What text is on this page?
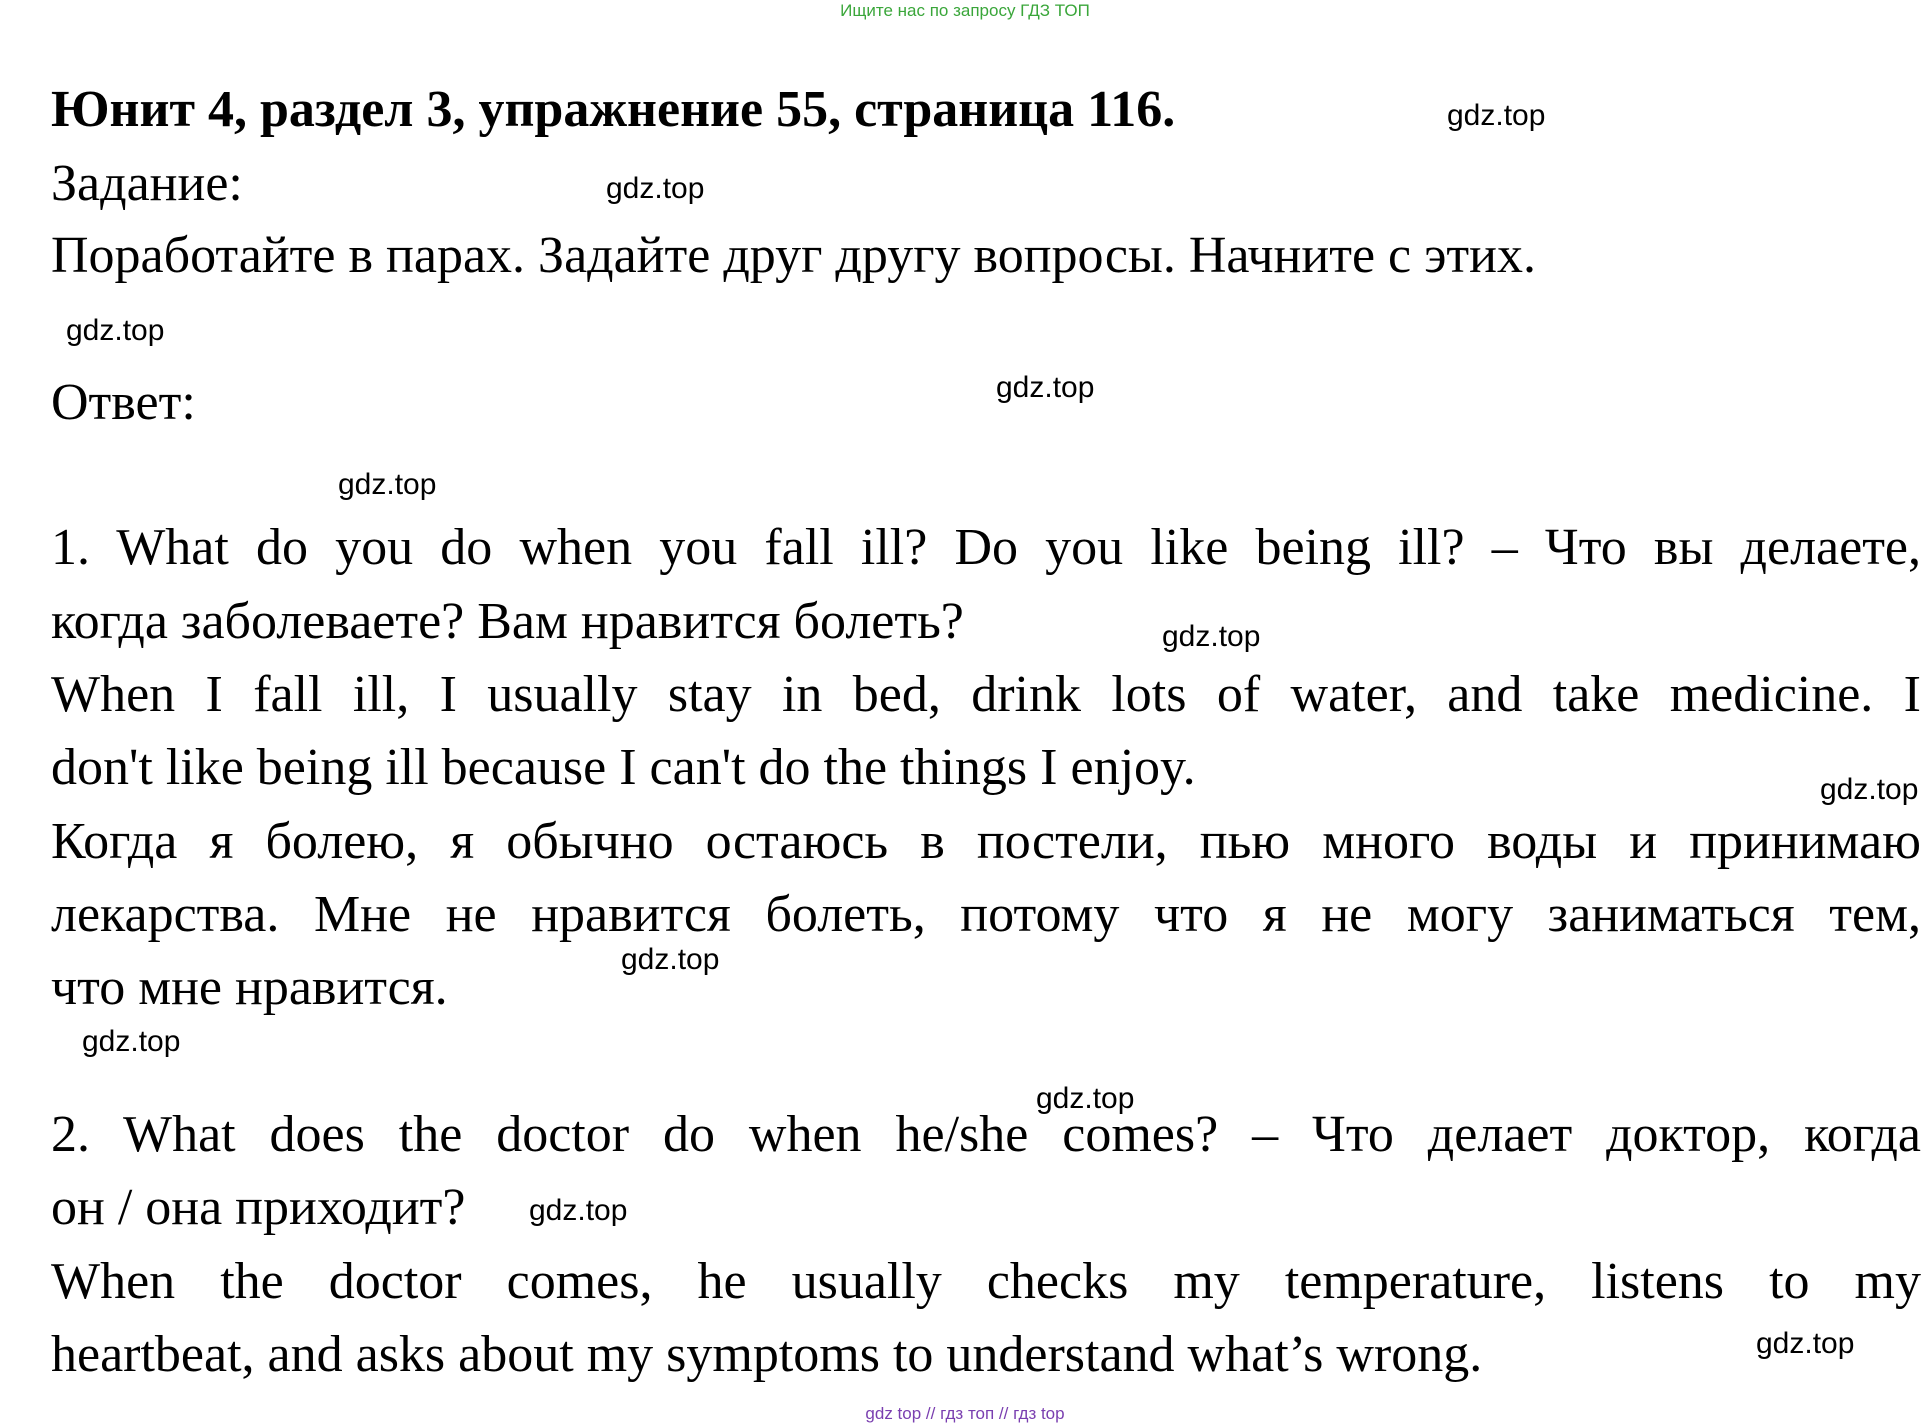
Ищите нас по запросу ГДЗ ТОП
Юнит 4, раздел 3, упражнение 55, страница 116.
Задание:
Поработайте в парах. Задайте друг другу вопросы. Начните с этих.
Ответ:
1. What do you do when you fall ill? Do you like being ill? – Что вы делаете,
когда заболеваете? Вам нравится болеть?
When I fall ill, I usually stay in bed, drink lots of water, and take medicine. I
don't like being ill because I can't do the things I enjoy.
Когда я болею, я обычно остаюсь в постели, пью много воды и принимаю
лекарства. Мне не нравится болеть, потому что я не могу заниматься тем,
что мне нравится.
2. What does the doctor do when he/she comes? – Что делает доктор, когда
он / она приходит?
When the doctor comes, he usually checks my temperature, listens to my
heartbeat, and asks about my symptoms to understand what’s wrong.
gdz.top
gdz.top
gdz.top
gdz.top
gdz.top
gdz.top
gdz.top
gdz.top
gdz.top
gdz.top
gdz.top
gdz.top
gdz top // гдз топ // гдз top
